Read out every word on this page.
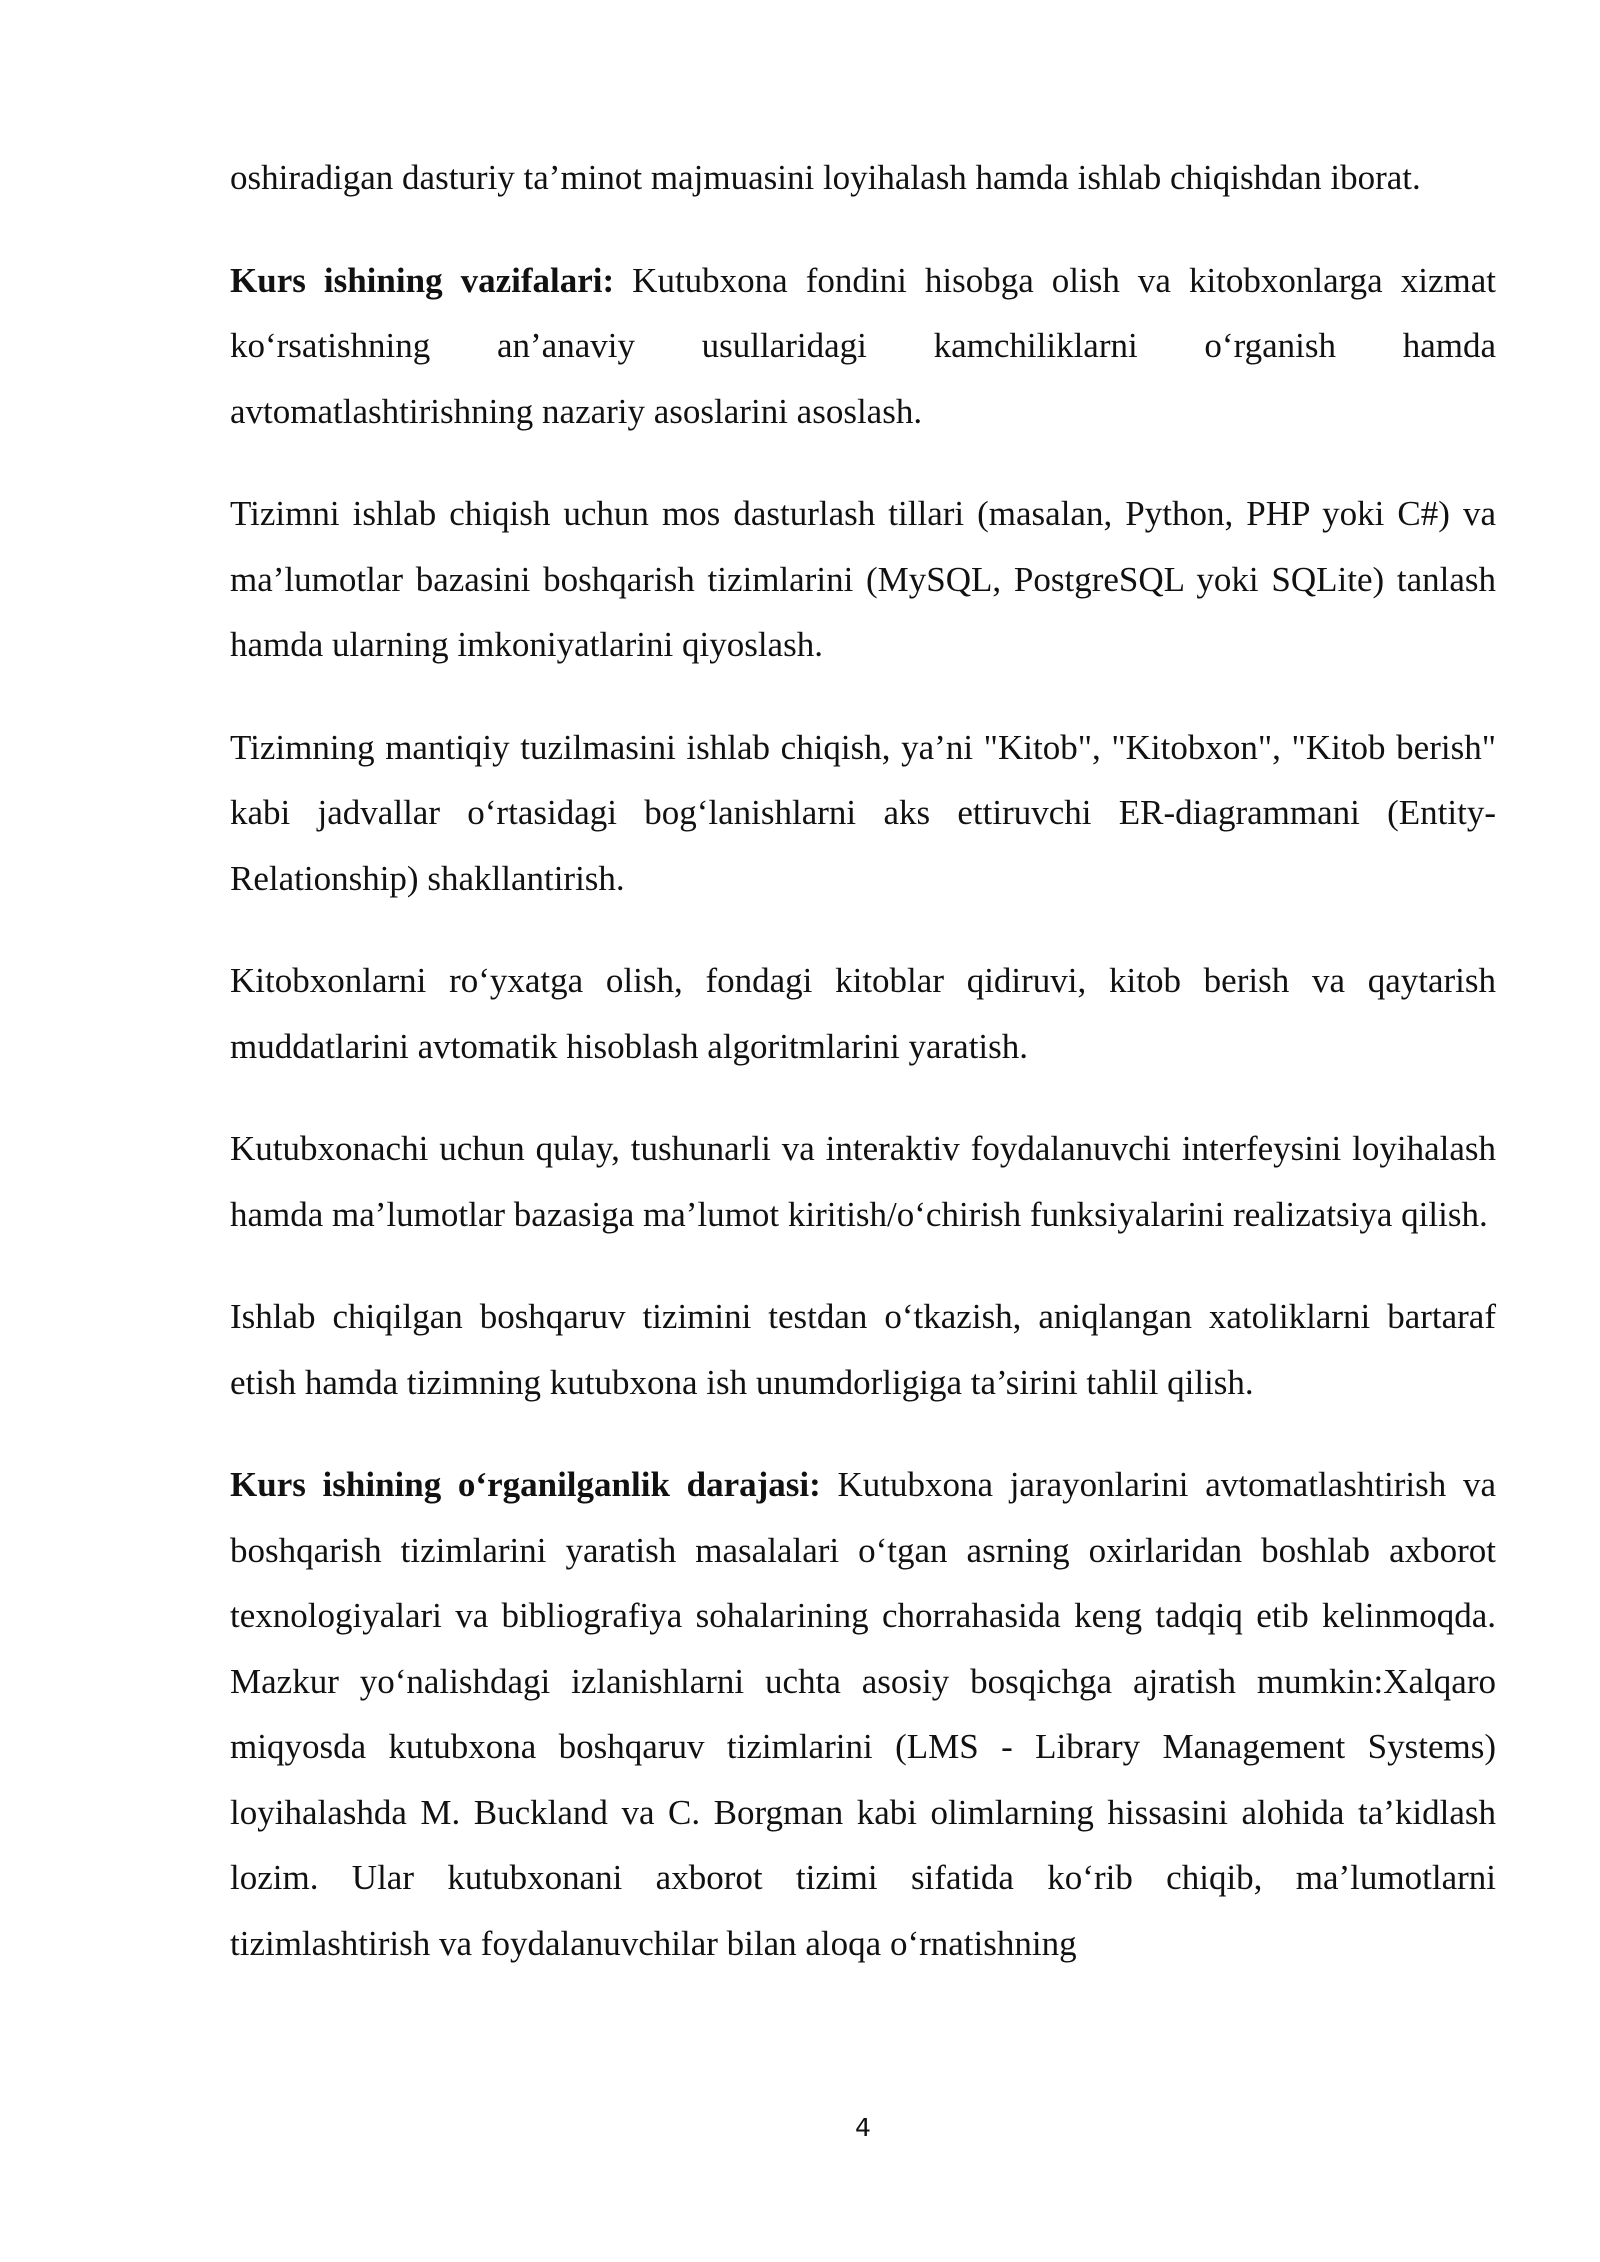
oshiradigan dasturiy ta’minot majmuasini loyihalash hamda ishlab chiqishdan iborat.

Kurs ishining vazifalari: Kutubxona fondini hisobga olish va kitobxonlarga xizmat ko‘rsatishning an’anaviy usullaridagi kamchiliklarni o‘rganish hamda avtomatlashtirishning nazariy asoslarini asoslash.

Tizimni ishlab chiqish uchun mos dasturlash tillari (masalan, Python, PHP yoki C#) va ma’lumotlar bazasini boshqarish tizimlarini (MySQL, PostgreSQL yoki SQLite) tanlash hamda ularning imkoniyatlarini qiyoslash.

Tizimning mantiqiy tuzilmasini ishlab chiqish, ya’ni "Kitob", "Kitobxon", "Kitob berish" kabi jadvallar o‘rtasidagi bog‘lanishlarni aks ettiruvchi ER-diagrammani (Entity-Relationship) shakllantirish.

Kitobxonlarni ro‘yxatga olish, fondagi kitoblar qidiruvi, kitob berish va qaytarish muddatlarini avtomatik hisoblash algoritmlarini yaratish.

Kutubxonachi uchun qulay, tushunarli va interaktiv foydalanuvchi interfeysini loyihalash hamda ma’lumotlar bazasiga ma’lumot kiritish/o‘chirish funksiyalarini realizatsiya qilish.

Ishlab chiqilgan boshqaruv tizimini testdan o‘tkazish, aniqlangan xatoliklarni bartaraf etish hamda tizimning kutubxona ish unumdorligiga ta’sirini tahlil qilish.

Kurs ishining o‘rganilganlik darajasi: Kutubxona jarayonlarini avtomatlashtirish va boshqarish tizimlarini yaratish masalalari o‘tgan asrning oxirlaridan boshlab axborot texnologiyalari va bibliografiya sohalarining chorrahasida keng tadqiq etib kelinmoqda. Mazkur yo‘nalishdagi izlanishlarni uchta asosiy bosqichga ajratish mumkin:Xalqaro miqyosda kutubxona boshqaruv tizimlarini (LMS - Library Management Systems) loyihalashda M. Buckland va C. Borgman kabi olimlarning hissasini alohida ta’kidlash lozim. Ular kutubxonani axborot tizimi sifatida ko‘rib chiqib, ma’lumotlarni tizimlashtirish va foydalanuvchilar bilan aloqa o‘rnatishning

4
